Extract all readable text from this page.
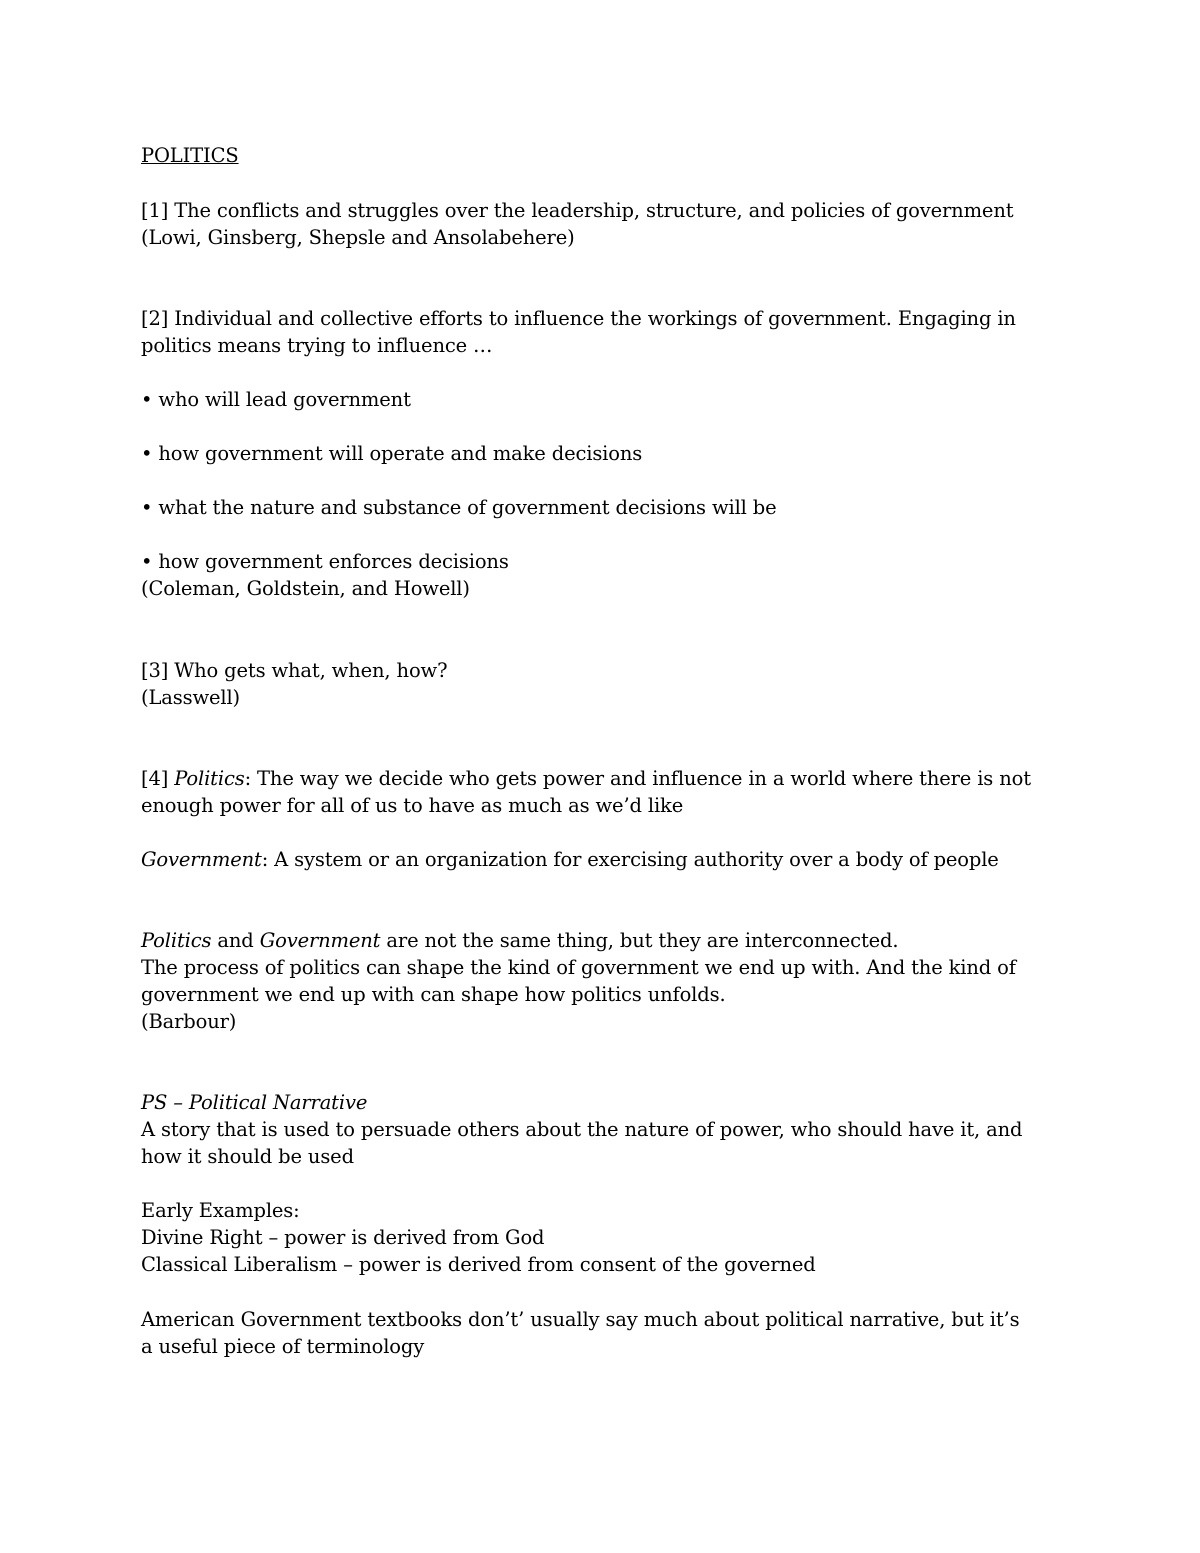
POLITICS

[1] The conflicts and struggles over the leadership, structure, and policies of government

(Lowi, Ginsberg, Shepsle and Ansolabehere)

[2] Individual and collective efforts to influence the workings of government. Engaging in

politics means trying to influence …

• who will lead government

• how government will operate and make decisions

• what the nature and substance of government decisions will be

• how government enforces decisions

(Coleman, Goldstein, and Howell)

[3] Who gets what, when, how?

(Lasswell)

[4] Politics: The way we decide who gets power and influence in a world where there is not

enough power for all of us to have as much as we’d like

Government: A system or an organization for exercising authority over a body of people

Politics and Government are not the same thing, but they are interconnected.

The process of politics can shape the kind of government we end up with. And the kind of

government we end up with can shape how politics unfolds.

(Barbour)

PS – Political Narrative

A story that is used to persuade others about the nature of power, who should have it, and

how it should be used

Early Examples:

Divine Right – power is derived from God

Classical Liberalism – power is derived from consent of the governed

American Government textbooks don’t’ usually say much about political narrative, but it’s

a useful piece of terminology
